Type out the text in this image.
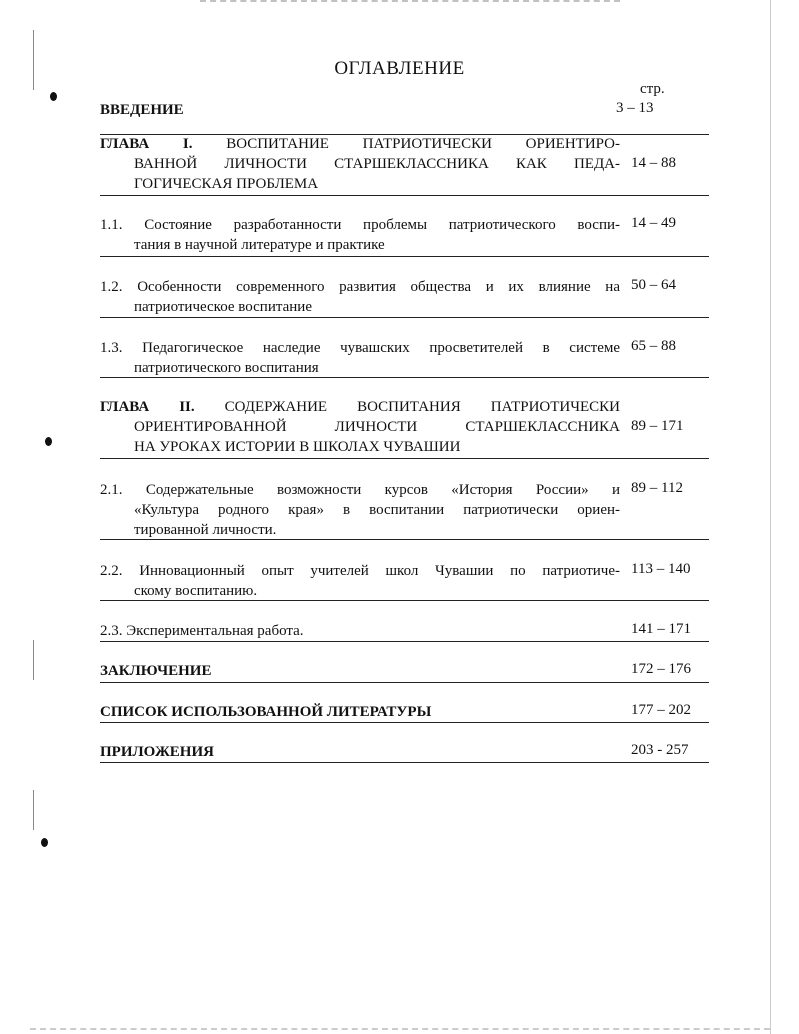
ОГЛАВЛЕНИЕ
стр.
ВВЕДЕНИЕ	3 – 13
ГЛАВА I. ВОСПИТАНИЕ ПАТРИОТИЧЕСКИ ОРИЕНТИРО-
ВАННОЙ ЛИЧНОСТИ СТАРШЕКЛАССНИКА КАК ПЕДА-
ГОГИЧЕСКАЯ ПРОБЛЕМА
14 – 88
1.1. Состояние разработанности проблемы патриотического воспи-
тания в научной литературе и практике
14 – 49
1.2. Особенности современного развития общества и их влияние на
патриотическое воспитание
50 – 64
1.3. Педагогическое наследие чувашских просветителей в системе
патриотического воспитания
65 – 88
ГЛАВА II. СОДЕРЖАНИЕ ВОСПИТАНИЯ ПАТРИОТИЧЕСКИ
ОРИЕНТИРОВАННОЙ ЛИЧНОСТИ СТАРШЕКЛАССНИКА
НА УРОКАХ ИСТОРИИ В ШКОЛАХ ЧУВАШИИ
89 – 171
2.1. Содержательные возможности курсов «История России» и
«Культура родного края» в воспитании патриотически ориен-
тированной личности.
89 – 112
2.2. Инновационный опыт учителей школ Чувашии по патриотиче-
скому воспитанию.
113 – 140
2.3. Экспериментальная работа.	141 – 171
ЗАКЛЮЧЕНИЕ	172 – 176
СПИСОК ИСПОЛЬЗОВАННОЙ ЛИТЕРАТУРЫ	177 – 202
ПРИЛОЖЕНИЯ	203 - 257
